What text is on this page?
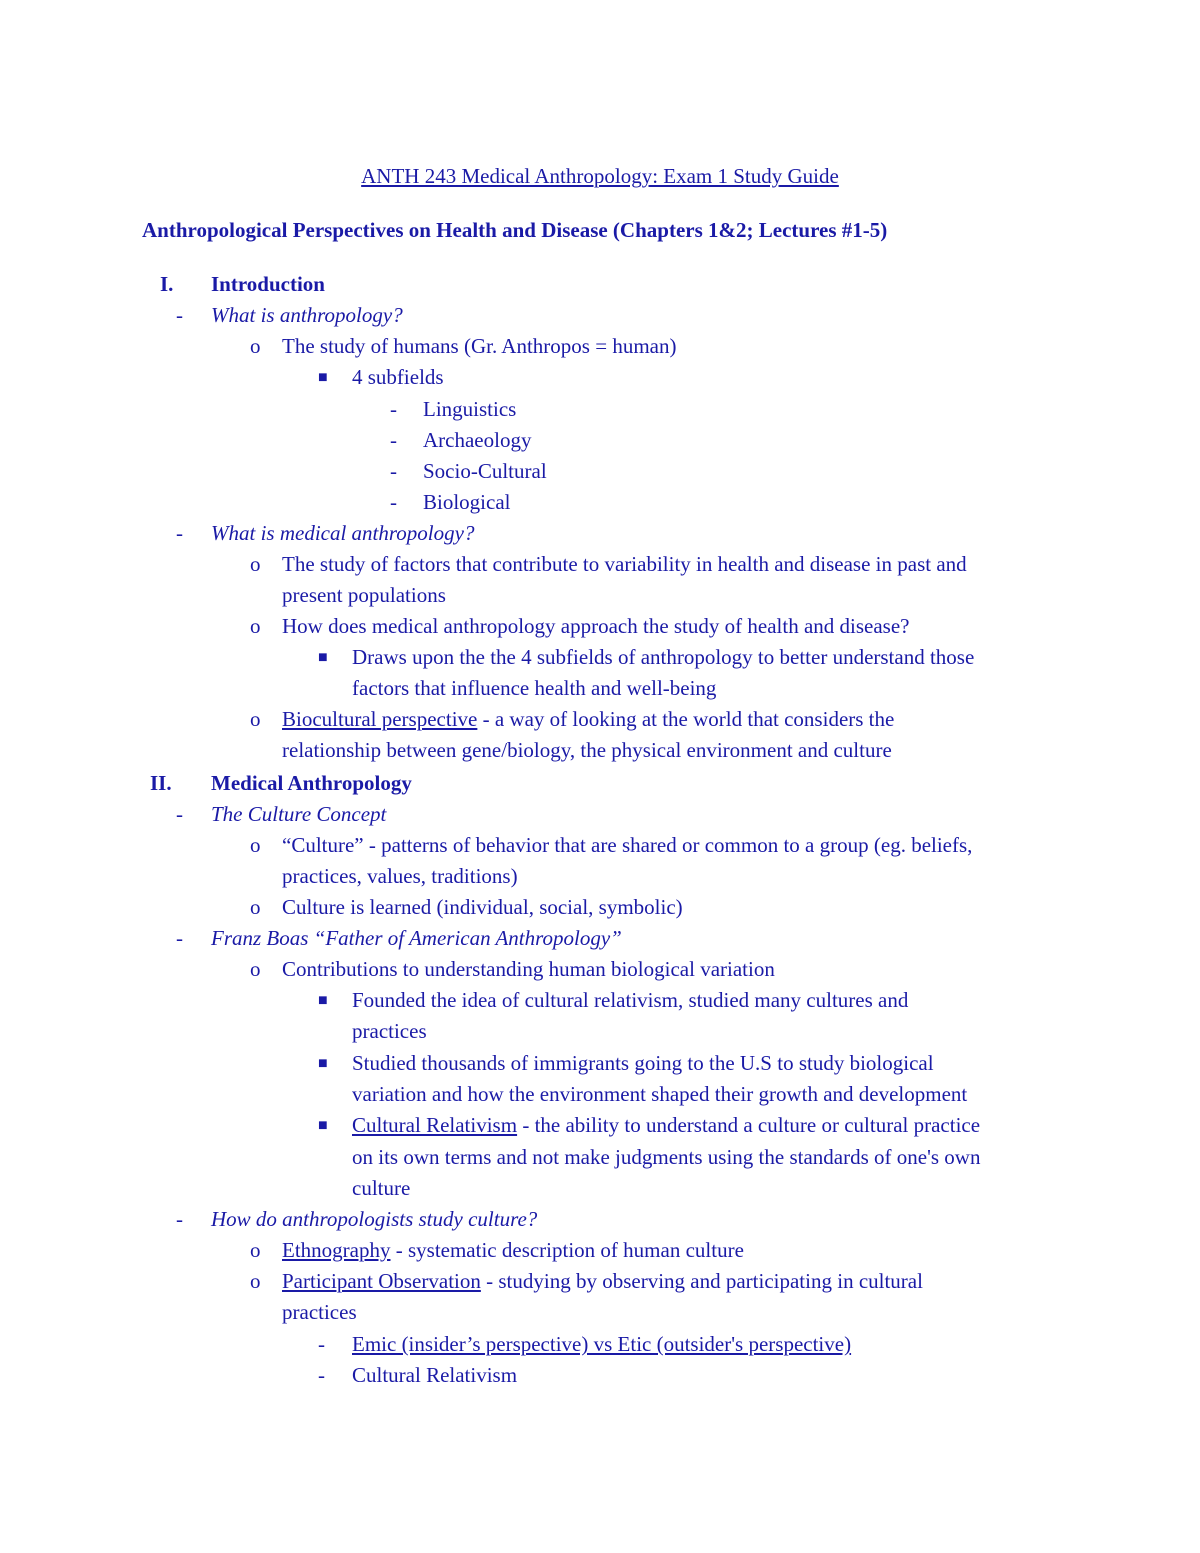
ANTH 243 Medical Anthropology: Exam 1 Study Guide
Anthropological Perspectives on Health and Disease (Chapters 1&2; Lectures #1-5)
I. Introduction
- What is anthropology?
o The study of humans (Gr. Anthropos = human)
■ 4 subfields
- Linguistics
- Archaeology
- Socio-Cultural
- Biological
- What is medical anthropology?
o The study of factors that contribute to variability in health and disease in past and
present populations
o How does medical anthropology approach the study of health and disease?
■ Draws upon the the 4 subfields of anthropology to better understand those
factors that influence health and well-being
o Biocultural perspective - a way of looking at the world that considers the
relationship between gene/biology, the physical environment and culture
II. Medical Anthropology
- The Culture Concept
o “Culture” - patterns of behavior that are shared or common to a group (eg. beliefs,
practices, values, traditions)
o Culture is learned (individual, social, symbolic)
- Franz Boas “Father of American Anthropology”
o Contributions to understanding human biological variation
■ Founded the idea of cultural relativism, studied many cultures and
practices
■ Studied thousands of immigrants going to the U.S to study biological
variation and how the environment shaped their growth and development
■ Cultural Relativism - the ability to understand a culture or cultural practice
on its own terms and not make judgments using the standards of one's own
culture
- How do anthropologists study culture?
o Ethnography - systematic description of human culture
o Participant Observation - studying by observing and participating in cultural
practices
- Emic (insider’s perspective) vs Etic (outsider's perspective)
- Cultural Relativism
